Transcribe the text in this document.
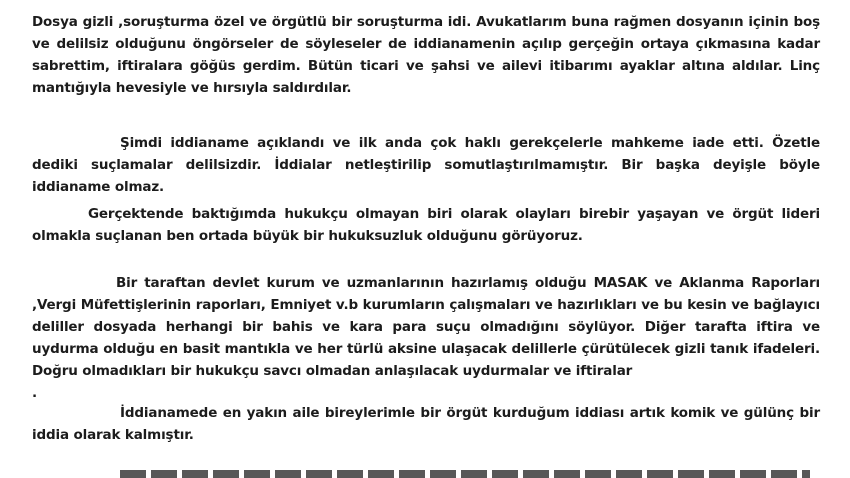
Dosya gizli ,soruşturma özel ve örgütlü bir soruşturma idi. Avukatlarım buna rağmen dosyanın içinin boş ve delilsiz olduğunu öngörseler de söyleseler de iddianamenin açılıp gerçeğin ortaya çıkmasına kadar sabrettim, iftiralara göğüs gerdim. Bütün ticari ve şahsi ve ailevi itibarımı ayaklar altına aldılar. Linç mantığıyla hevesiyle ve hırsıyla saldırdılar.

Şimdi iddianame açıklandı ve ilk anda çok haklı gerekçelerle mahkeme iade etti. Özetle dediki suçlamalar delilsizdir. İddialar netleştirilip somutlaştırılmamıştır. Bir başka deyişle böyle iddianame olmaz.

Gerçektende baktığımda hukukçu olmayan biri olarak olayları birebir yaşayan ve örgüt lideri olmakla suçlanan ben ortada büyük bir hukuksuzluk olduğunu görüyoruz.

Bir taraftan devlet kurum ve uzmanlarının hazırlamış olduğu MASAK ve Aklanma Raporları ,Vergi Müfettişlerinin raporları, Emniyet v.b kurumların çalışmaları ve hazırlıkları ve bu kesin ve bağlayıcı deliller dosyada herhangi bir bahis ve kara para suçu olmadığını söylüyor. Diğer tarafta iftira ve uydurma olduğu en basit mantıkla ve her türlü aksine ulaşacak delillerle çürütülecek gizli tanık ifadeleri. Doğru olmadıkları bir hukukçu savcı olmadan anlaşılacak uydurmalar ve iftiralar

.

İddianamede en yakın aile bireylerimle bir örgüt kurduğum iddiası artık komik ve gülünç bir iddia olarak kalmıştır.
